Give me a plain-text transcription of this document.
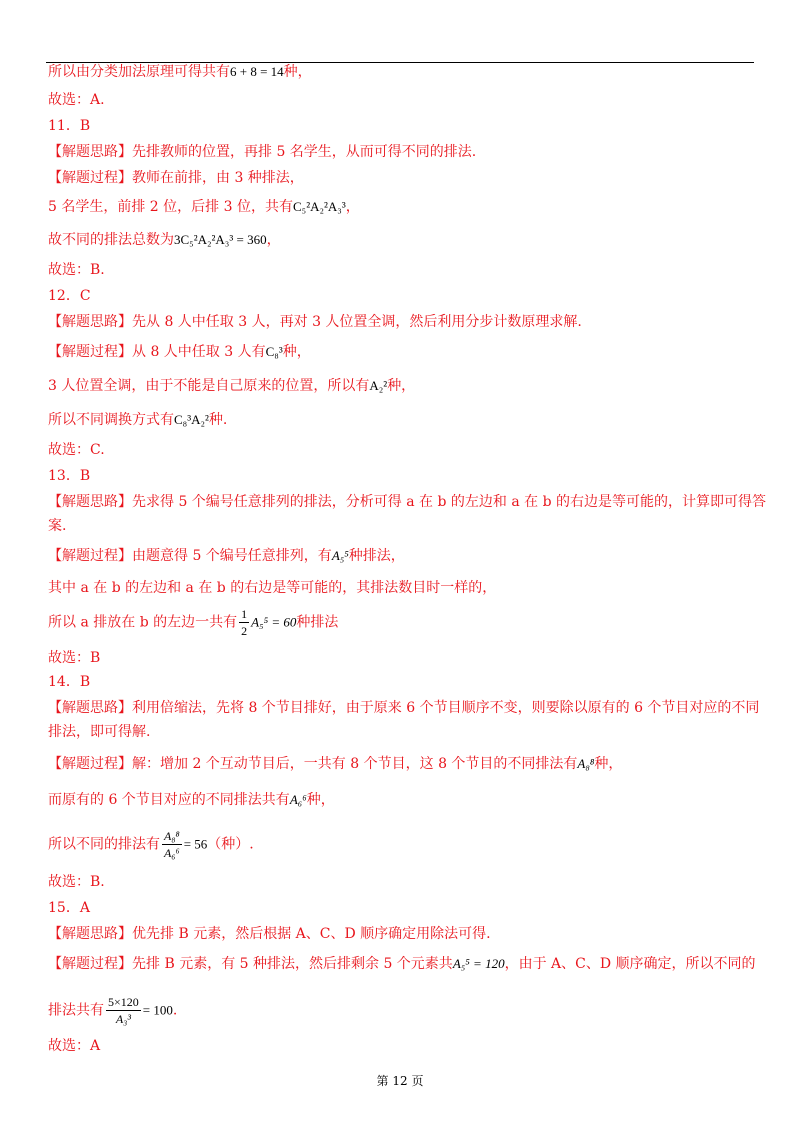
所以由分类加法原理可得共有6 + 8 = 14种，
故选：A.
11．B
【解题思路】先排教师的位置，再排 5 名学生，从而可得不同的排法.
【解题过程】教师在前排，由 3 种排法，
5 名学生，前排 2 位，后排 3 位，共有C₅²A₂²A₃³，
故不同的排法总数为3C₅²A₂²A₃³ = 360，
故选：B.
12．C
【解题思路】先从 8 人中任取 3 人，再对 3 人位置全调，然后利用分步计数原理求解.
【解题过程】从 8 人中任取 3 人有C₈³种，
3 人位置全调，由于不能是自己原来的位置，所以有A₂²种，
所以不同调换方式有C₈³A₂²种.
故选：C.
13．B
【解题思路】先求得 5 个编号任意排列的排法，分析可得 a 在 b 的左边和 a 在 b 的右边是等可能的，计算即可得答
案.
【解题过程】由题意得 5 个编号任意排列，有A₅⁵种排法，
其中 a 在 b 的左边和 a 在 b 的右边是等可能的，其排法数目时一样的，
所以 a 排放在 b 的左边一共有 $\frac{1}{2} A_5^5 = 60$种排法
故选：B
14．B
【解题思路】利用倍缩法，先将 8 个节目排好，由于原来 6 个节目顺序不变，则要除以原有的 6 个节目对应的不同
排法，即可得解.
【解题过程】解：增加 2 个互动节目后，一共有 8 个节目，这 8 个节目的不同排法有A₈⁸种，
而原有的 6 个节目对应的不同排法共有A₆⁶种，
所以不同的排法有 $\frac{\text{A₈⁸}}{\text{A₆⁶}} = 56$（种）.
故选：B.
15．A
【解题思路】优先排 B 元素，然后根据 A、C、D 顺序确定用除法可得.
【解题过程】先排 B 元素，有 5 种排法，然后排剩余 5 个元素共A₅⁵ = 120，由于 A、C、D 顺序确定，所以不同的
排法共有 $\frac{5\times 120}{\text{A₃³}} = 100$.
故选：A
第 12 页
